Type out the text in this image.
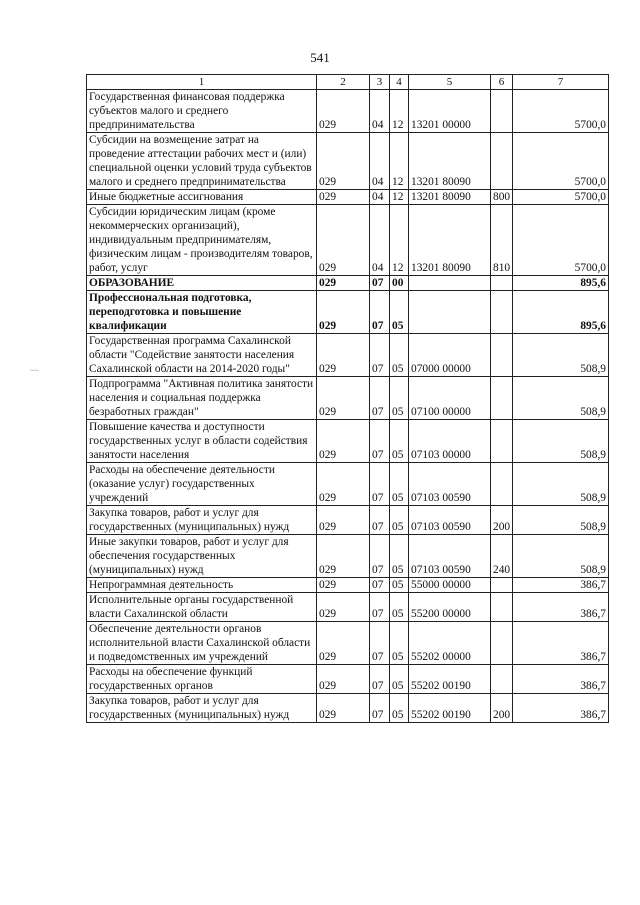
541
~~
1	2	3	4	5	6	7
Государственная финансовая поддержка субъектов малого и среднего предпринимательства	029	04	12	13201 00000		5700,0
Субсидии на возмещение затрат на проведение аттестации рабочих мест и (или) специальной оценки условий труда субъектов малого и среднего предпринимательства	029	04	12	13201 80090		5700,0
Иные бюджетные ассигнования	029	04	12	13201 80090	800	5700,0
Субсидии юридическим лицам (кроме некоммерческих организаций), индивидуальным предпринимателям, физическим лицам - производителям товаров, работ, услуг	029	04	12	13201 80090	810	5700,0
ОБРАЗОВАНИЕ	029	07	00			895,6
Профессиональная подготовка, переподготовка и повышение квалификации	029	07	05			895,6
Государственная программа Сахалинской области "Содействие занятости населения Сахалинской области на 2014-2020 годы"	029	07	05	07000 00000		508,9
Подпрограмма "Активная политика занятости населения и социальная поддержка безработных граждан"	029	07	05	07100 00000		508,9
Повышение качества и доступности государственных услуг в области содействия занятости населения	029	07	05	07103 00000		508,9
Расходы на обеспечение деятельности (оказание услуг) государственных учреждений	029	07	05	07103 00590		508,9
Закупка товаров, работ и услуг для государственных (муниципальных) нужд	029	07	05	07103 00590	200	508,9
Иные закупки товаров, работ и услуг для обеспечения государственных (муниципальных) нужд	029	07	05	07103 00590	240	508,9
Непрограммная деятельность	029	07	05	55000 00000		386,7
Исполнительные органы государственной власти Сахалинской области	029	07	05	55200 00000		386,7
Обеспечение деятельности органов исполнительной власти Сахалинской области и подведомственных им учреждений	029	07	05	55202 00000		386,7
Расходы на обеспечение функций государственных органов	029	07	05	55202 00190		386,7
Закупка товаров, работ и услуг для государственных (муниципальных) нужд	029	07	05	55202 00190	200	386,7
